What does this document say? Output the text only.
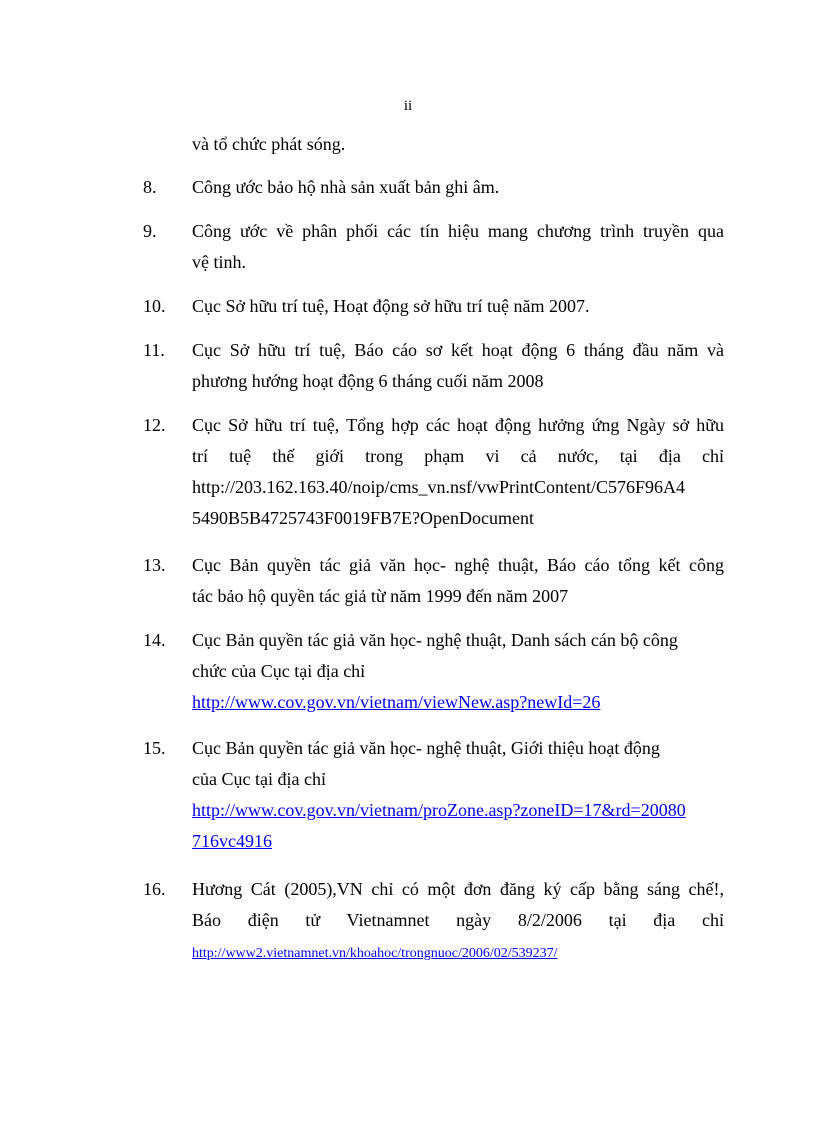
ii
và tổ chức phát sóng.
8. Công ước bảo hộ nhà sản xuất bản ghi âm.
9. Công ước về phân phối các tín hiệu mang chương trình truyền qua
vệ tinh.
10. Cục Sở hữu trí tuệ, Hoạt động sở hữu trí tuệ năm 2007.
11. Cục Sở hữu trí tuệ, Báo cáo sơ kết hoạt động 6 tháng đầu năm và
phương hướng hoạt động 6 tháng cuối năm 2008
12. Cục Sở hữu trí tuệ, Tổng hợp các hoạt động hưởng ứng Ngày sở hữu
trí tuệ thế giới trong phạm vi cả nước, tại địa chỉ
http://203.162.163.40/noip/cms_vn.nsf/vwPrintContent/C576F96A4
5490B5B4725743F0019FB7E?OpenDocument
13. Cục Bản quyền tác giả văn học- nghệ thuật, Báo cáo tổng kết công
tác bảo hộ quyền tác giả từ năm 1999 đến năm 2007
14. Cục Bản quyền tác giả văn học- nghệ thuật, Danh sách cán bộ công
chức của Cục tại địa chỉ
http://www.cov.gov.vn/vietnam/viewNew.asp?newId=26
15. Cục Bản quyền tác giả văn học- nghệ thuật, Giới thiệu hoạt động
của Cục tại địa chỉ
http://www.cov.gov.vn/vietnam/proZone.asp?zoneID=17&rd=20080
716vc4916
16. Hương Cát (2005),VN chỉ có một đơn đăng ký cấp bằng sáng chế!,
Báo điện tử Vietnamnet ngày 8/2/2006 tại địa chỉ
http://www2.vietnamnet.vn/khoahoc/trongnuoc/2006/02/539237/
